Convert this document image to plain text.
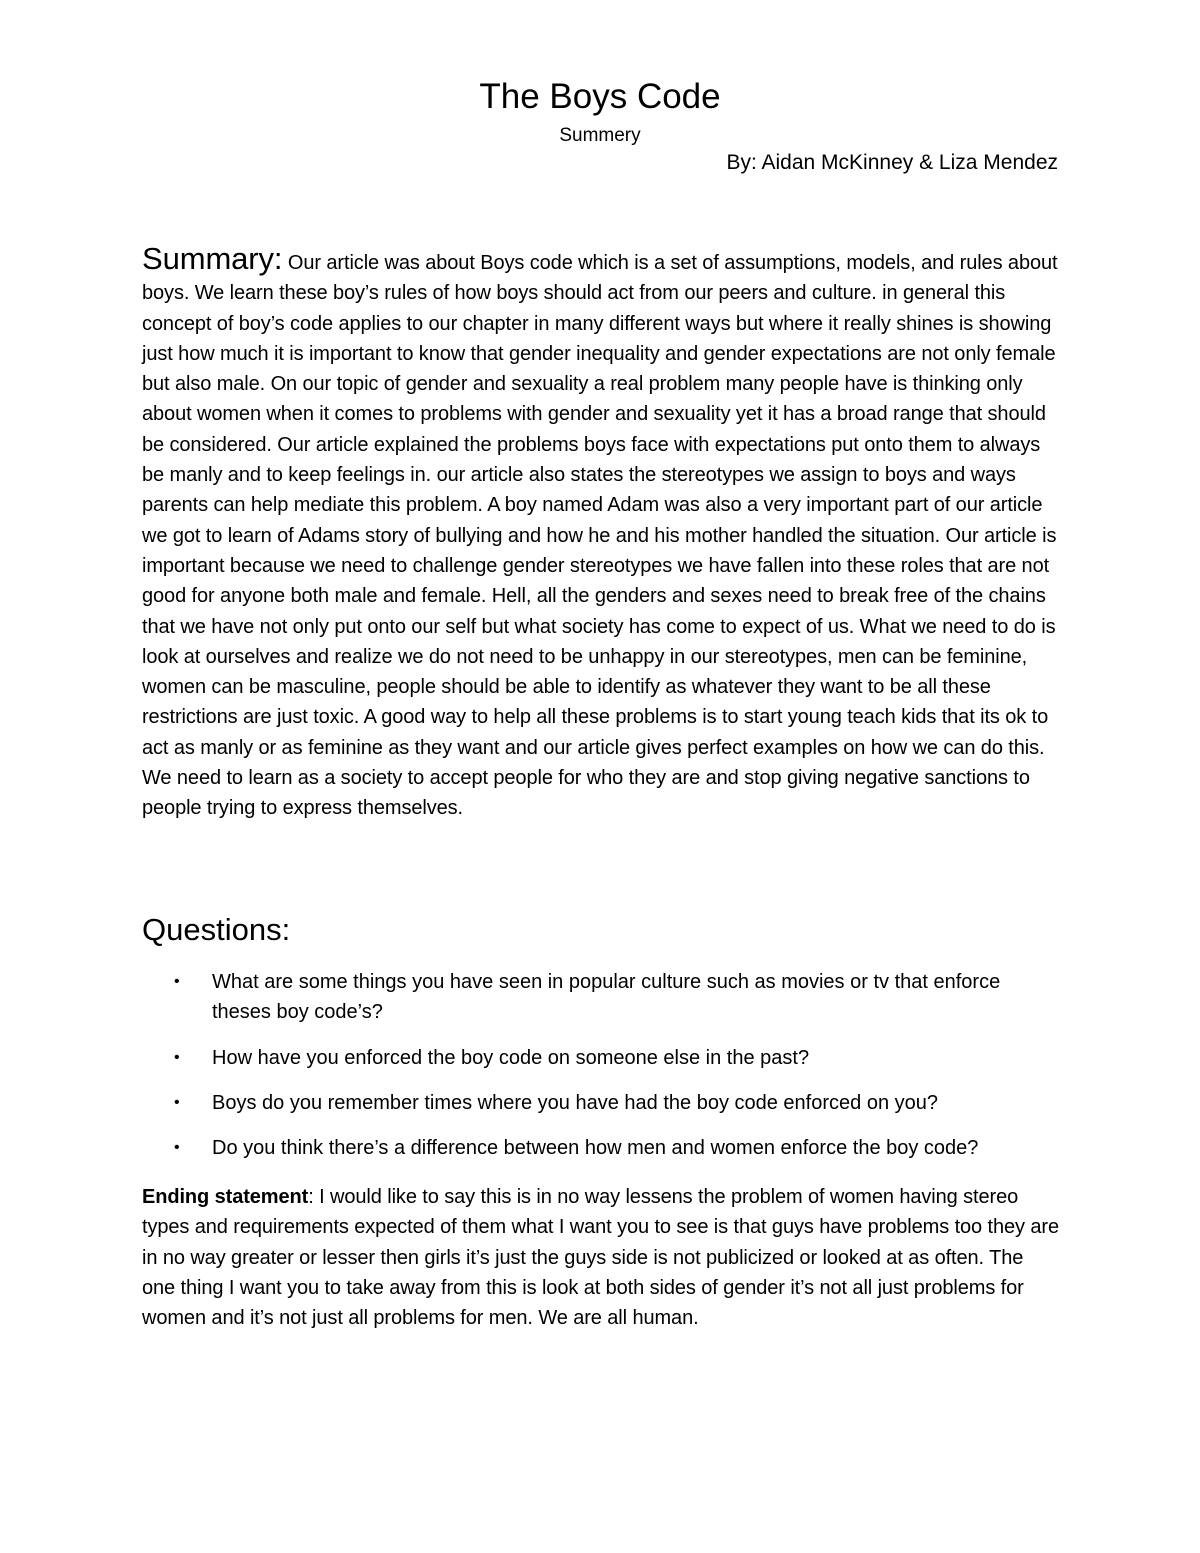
The Boys Code

Summery

By: Aidan McKinney & Liza Mendez

Summary: Our article was about Boys code which is a set of assumptions, models, and rules about boys. We learn these boy’s rules of how boys should act from our peers and culture. in general this concept of boy’s code applies to our chapter in many different ways but where it really shines is showing just how much it is important to know that gender inequality and gender expectations are not only female but also male. On our topic of gender and sexuality a real problem many people have is thinking only about women when it comes to problems with gender and sexuality yet it has a broad range that should be considered. Our article explained the problems boys face with expectations put onto them to always be manly and to keep feelings in. our article also states the stereotypes we assign to boys and ways parents can help mediate this problem. A boy named Adam was also a very important part of our article we got to learn of Adams story of bullying and how he and his mother handled the situation. Our article is important because we need to challenge gender stereotypes we have fallen into these roles that are not good for anyone both male and female. Hell, all the genders and sexes need to break free of the chains that we have not only put onto our self but what society has come to expect of us. What we need to do is look at ourselves and realize we do not need to be unhappy in our stereotypes, men can be feminine, women can be masculine, people should be able to identify as whatever they want to be all these restrictions are just toxic. A good way to help all these problems is to start young teach kids that its ok to act as manly or as feminine as they want and our article gives perfect examples on how we can do this. We need to learn as a society to accept people for who they are and stop giving negative sanctions to people trying to express themselves.

Questions:
• What are some things you have seen in popular culture such as movies or tv that enforce theses boy code’s?
• How have you enforced the boy code on someone else in the past?
• Boys do you remember times where you have had the boy code enforced on you?
• Do you think there’s a difference between how men and women enforce the boy code?

Ending statement: I would like to say this is in no way lessens the problem of women having stereo types and requirements expected of them what I want you to see is that guys have problems too they are in no way greater or lesser then girls it’s just the guys side is not publicized or looked at as often. The one thing I want you to take away from this is look at both sides of gender it’s not all just problems for women and it’s not just all problems for men. We are all human.
